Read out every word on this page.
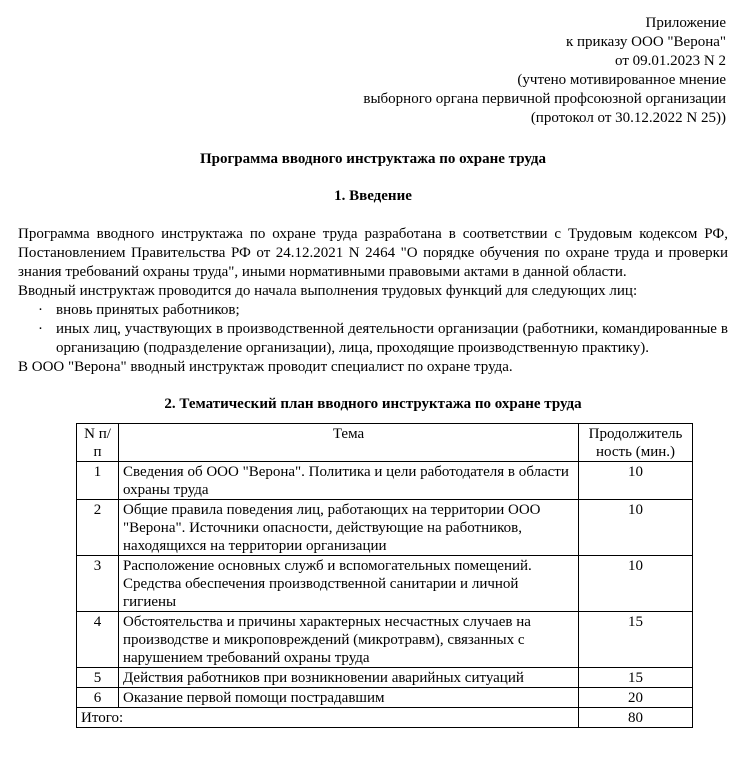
Приложение
к приказу ООО "Верона"
от 09.01.2023 N 2
(учтено мотивированное мнение
выборного органа первичной профсоюзной организации
(протокол от 30.12.2022 N 25))
Программа вводного инструктажа по охране труда
1. Введение

Программа вводного инструктажа по охране труда разработана в соответствии с Трудовым кодексом РФ, Постановлением Правительства РФ от 24.12.2021 N 2464 "О порядке обучения по охране труда и проверки знания требований охраны труда", иными нормативными правовыми актами в данной области.

Вводный инструктаж проводится до начала выполнения трудовых функций для следующих лиц:

· вновь принятых работников;
· иных лиц, участвующих в производственной деятельности организации (работники, командированные в организацию (подразделение организации), лица, проходящие производственную практику).

В ООО "Верона" вводный инструктаж проводит специалист по охране труда.

2. Тематический план вводного инструктажа по охране труда
N п/п	Тема	Продолжитель ность (мин.)
1	Сведения об ООО "Верона". Политика и цели работодателя в области охраны труда	10
2	Общие правила поведения лиц, работающих на территории ООО "Верона". Источники опасности, действующие на работников, находящихся на территории организации	10
3	Расположение основных служб и вспомогательных помещений. Средства обеспечения производственной санитарии и личной гигиены	10
4	Обстоятельства и причины характерных несчастных случаев на производстве и микроповреждений (микротравм), связанных с нарушением требований охраны труда	15
5	Действия работников при возникновении аварийных ситуаций	15
6	Оказание первой помощи пострадавшим	20
Итого:		80
